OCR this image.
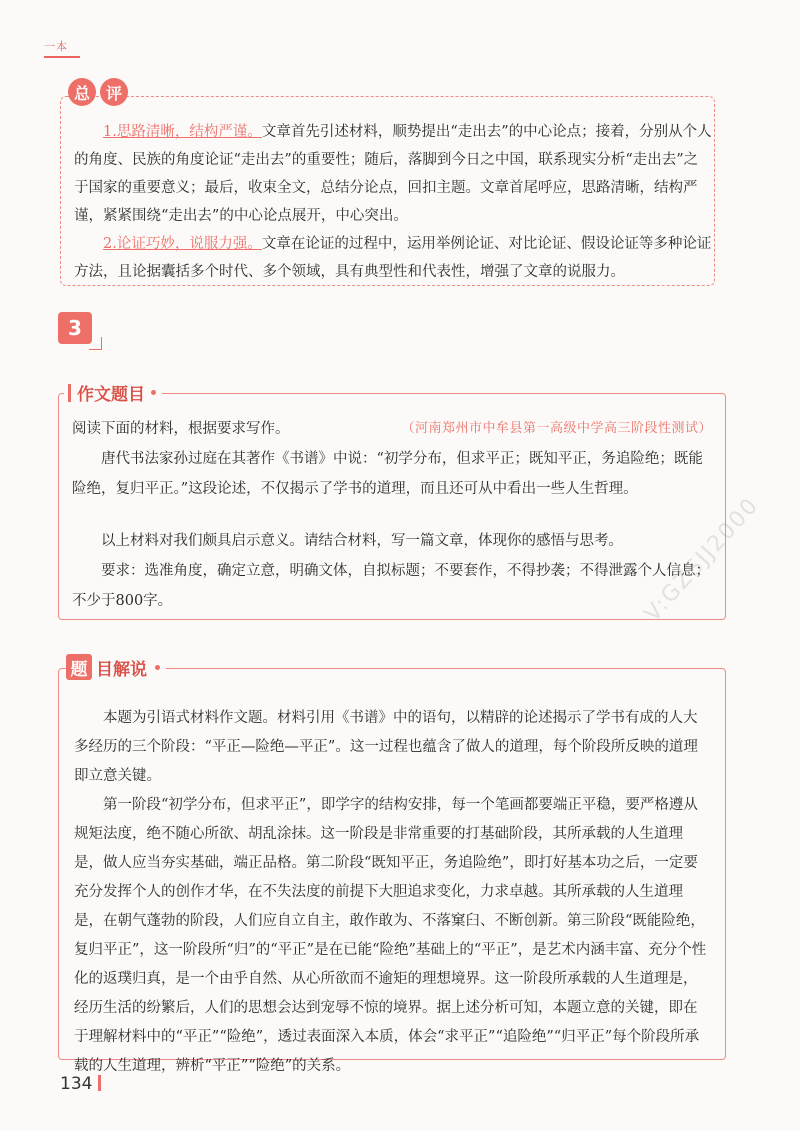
一本
总 评

1.思路清晰，结构严谨。文章首先引述材料，顺势提出“走出去”的中心论点；接着，分别从个人的角度、民族的角度论证“走出去”的重要性；随后，落脚到今日之中国，联系现实分析“走出去”之于国家的重要意义；最后，收束全文，总结分论点，回扣主题。文章首尾呼应，思路清晰，结构严谨，紧紧围绕“走出去”的中心论点展开，中心突出。

2.论证巧妙，说服力强。文章在论证的过程中，运用举例论证、对比论证、假设论证等多种论证方法，且论据囊括多个时代、多个领域，具有典型性和代表性，增强了文章的说服力。

3
作文题目

阅读下面的材料，根据要求写作。	（河南郑州市中牟县第一高级中学高三阶段性测试）

唐代书法家孙过庭在其著作《书谱》中说：“初学分布，但求平正；既知平正，务追险绝；既能险绝，复归平正。”这段论述，不仅揭示了学书的道理，而且还可从中看出一些人生哲理。

以上材料对我们颇具启示意义。请结合材料，写一篇文章，体现你的感悟与思考。

要求：选准角度，确定立意，明确文体，自拟标题；不要套作，不得抄袭；不得泄露个人信息；不少于800字。	V:GZSJJ2000
题 目解说

本题为引语式材料作文题。材料引用《书谱》中的语句，以精辟的论述揭示了学书有成的人大多经历的三个阶段：“平正—险绝—平正”。这一过程也蕴含了做人的道理，每个阶段所反映的道理即立意关键。

第一阶段“初学分布，但求平正”，即学字的结构安排，每一个笔画都要端正平稳，要严格遵从规矩法度，绝不随心所欲、胡乱涂抹。这一阶段是非常重要的打基础阶段，其所承载的人生道理是，做人应当夯实基础，端正品格。第二阶段“既知平正，务追险绝”，即打好基本功之后，一定要充分发挥个人的创作才华，在不失法度的前提下大胆追求变化，力求卓越。其所承载的人生道理是，在朝气蓬勃的阶段，人们应自立自主，敢作敢为、不落窠臼、不断创新。第三阶段“既能险绝，复归平正”，这一阶段所“归”的“平正”是在已能“险绝”基础上的“平正”，是艺术内涵丰富、充分个性化的返璞归真，是一个由乎自然、从心所欲而不逾矩的理想境界。这一阶段所承载的人生道理是，经历生活的纷繁后，人们的思想会达到宠辱不惊的境界。据上述分析可知，本题立意的关键，即在于理解材料中的“平正”“险绝”，透过表面深入本质，体会“求平正”“追险绝”“归平正”每个阶段所承载的人生道理，辨析“平正”“险绝”的关系。

134
